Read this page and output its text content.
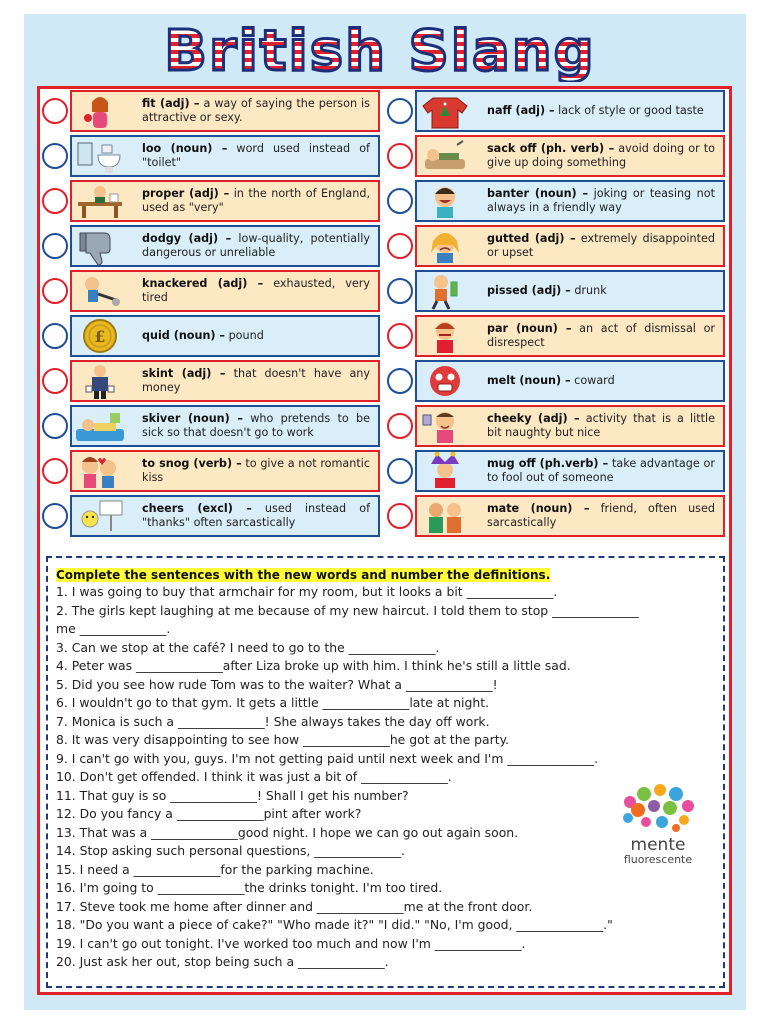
British Slang
fit (adj) – a way of saying the person is attractive or sexy.
loo (noun) – word used instead of "toilet"
proper (adj) – in the north of England, used as "very"
dodgy (adj) – low-quality, potentially dangerous or unreliable
knackered (adj) – exhausted, very tired
£	quid (noun) – pound
skint (adj) – that doesn't have any money
skiver (noun) – who pretends to be sick so that doesn't go to work
to snog (verb) – to give a not romantic kiss
cheers (excl) – used instead of "thanks" often sarcastically
naff (adj) – lack of style or good taste
sack off (ph. verb) – avoid doing or to give up doing something
banter (noun) – joking or teasing not always in a friendly way
gutted (adj) – extremely disappointed or upset
pissed (adj) – drunk
par (noun) – an act of dismissal or disrespect
melt (noun) – coward
cheeky (adj) – activity that is a little bit naughty but nice
mug off (ph.verb) – take advantage or to fool out of someone
mate (noun) – friend, often used sarcastically
Complete the sentences with the new words and number the definitions.
1. I was going to buy that armchair for my room, but it looks a bit ______________.
2. The girls kept laughing at me because of my new haircut. I told them to stop ______________
me ______________.
3. Can we stop at the café? I need to go to the ______________.
4. Peter was ______________after Liza broke up with him. I think he's still a little sad.
5. Did you see how rude Tom was to the waiter? What a ______________!
6. I wouldn't go to that gym. It gets a little ______________late at night.
7. Monica is such a ______________! She always takes the day off work.
8. It was very disappointing to see how ______________he got at the party.
9. I can't go with you, guys. I'm not getting paid until next week and I'm ______________.
10. Don't get offended. I think it was just a bit of ______________.
11. That guy is so ______________! Shall I get his number?
12. Do you fancy a ______________pint after work?
13. That was a ______________good night. I hope we can go out again soon.
14. Stop asking such personal questions, ______________.
15. I need a ______________for the parking machine.
16. I'm going to ______________the drinks tonight. I'm too tired.
17. Steve took me home after dinner and ______________me at the front door.
18. "Do you want a piece of cake?" "Who made it?" "I did." "No, I'm good, ______________."
19. I can't go out tonight. I've worked too much and now I'm ______________.
20. Just ask her out, stop being such a ______________.
mente
fluorescente
